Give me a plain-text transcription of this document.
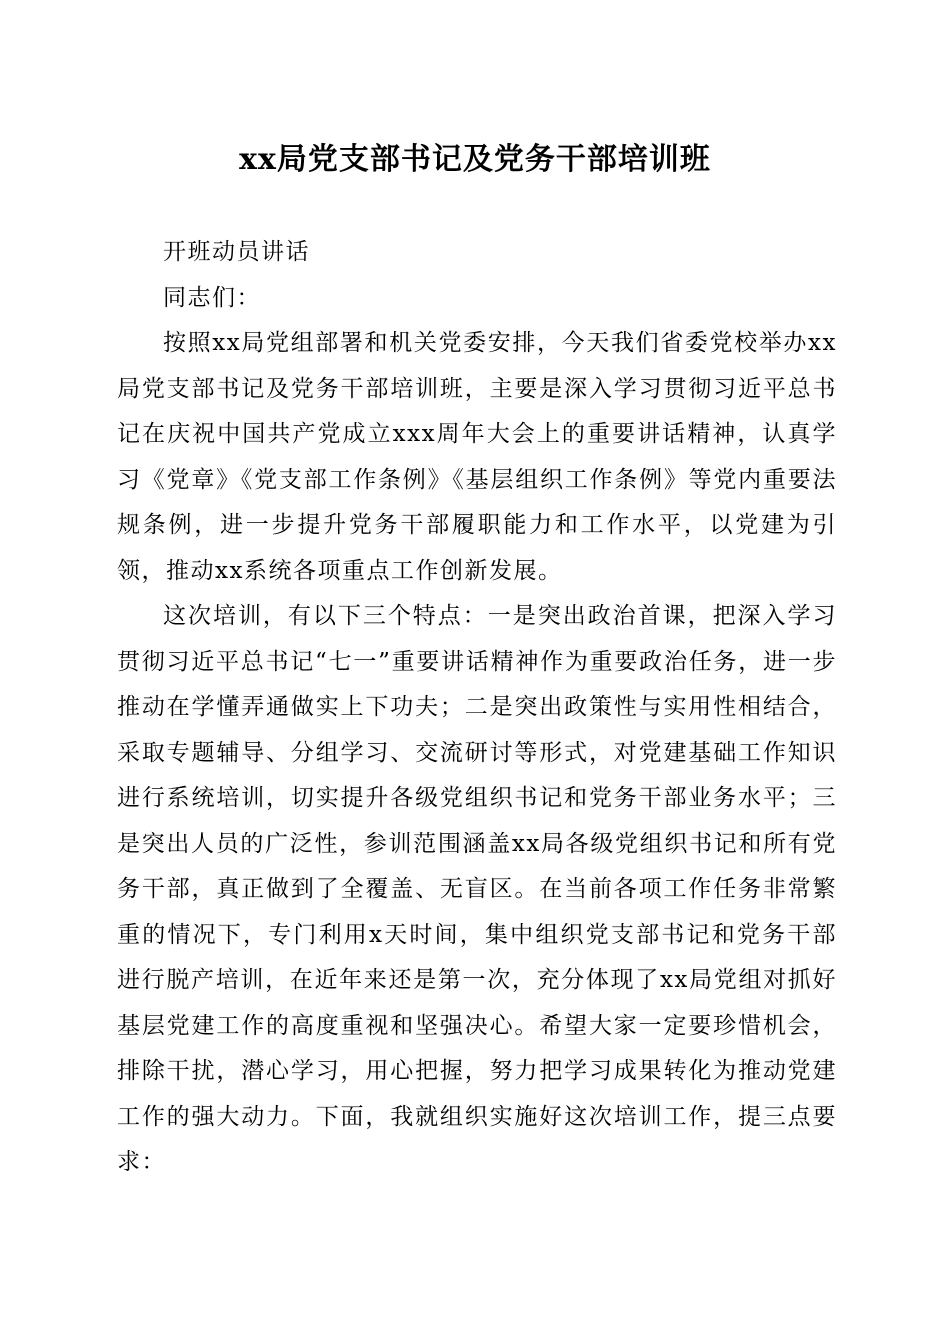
xx局党支部书记及党务干部培训班

开班动员讲话

同志们：

按照xx局党组部署和机关党委安排，今天我们省委党校举办xx局党支部书记及党务干部培训班，主要是深入学习贯彻习近平总书记在庆祝中国共产党成立xxx周年大会上的重要讲话精神，认真学习《党章》《党支部工作条例》《基层组织工作条例》等党内重要法规条例，进一步提升党务干部履职能力和工作水平，以党建为引领，推动xx系统各项重点工作创新发展。

这次培训，有以下三个特点：一是突出政治首课，把深入学习贯彻习近平总书记“七一”重要讲话精神作为重要政治任务，进一步推动在学懂弄通做实上下功夫；二是突出政策性与实用性相结合，采取专题辅导、分组学习、交流研讨等形式，对党建基础工作知识进行系统培训，切实提升各级党组织书记和党务干部业务水平；三是突出人员的广泛性，参训范围涵盖xx局各级党组织书记和所有党务干部，真正做到了全覆盖、无盲区。在当前各项工作任务非常繁重的情况下，专门利用x天时间，集中组织党支部书记和党务干部进行脱产培训，在近年来还是第一次，充分体现了xx局党组对抓好基层党建工作的高度重视和坚强决心。希望大家一定要珍惜机会，排除干扰，潜心学习，用心把握，努力把学习成果转化为推动党建工作的强大动力。下面，我就组织实施好这次培训工作，提三点要求：
